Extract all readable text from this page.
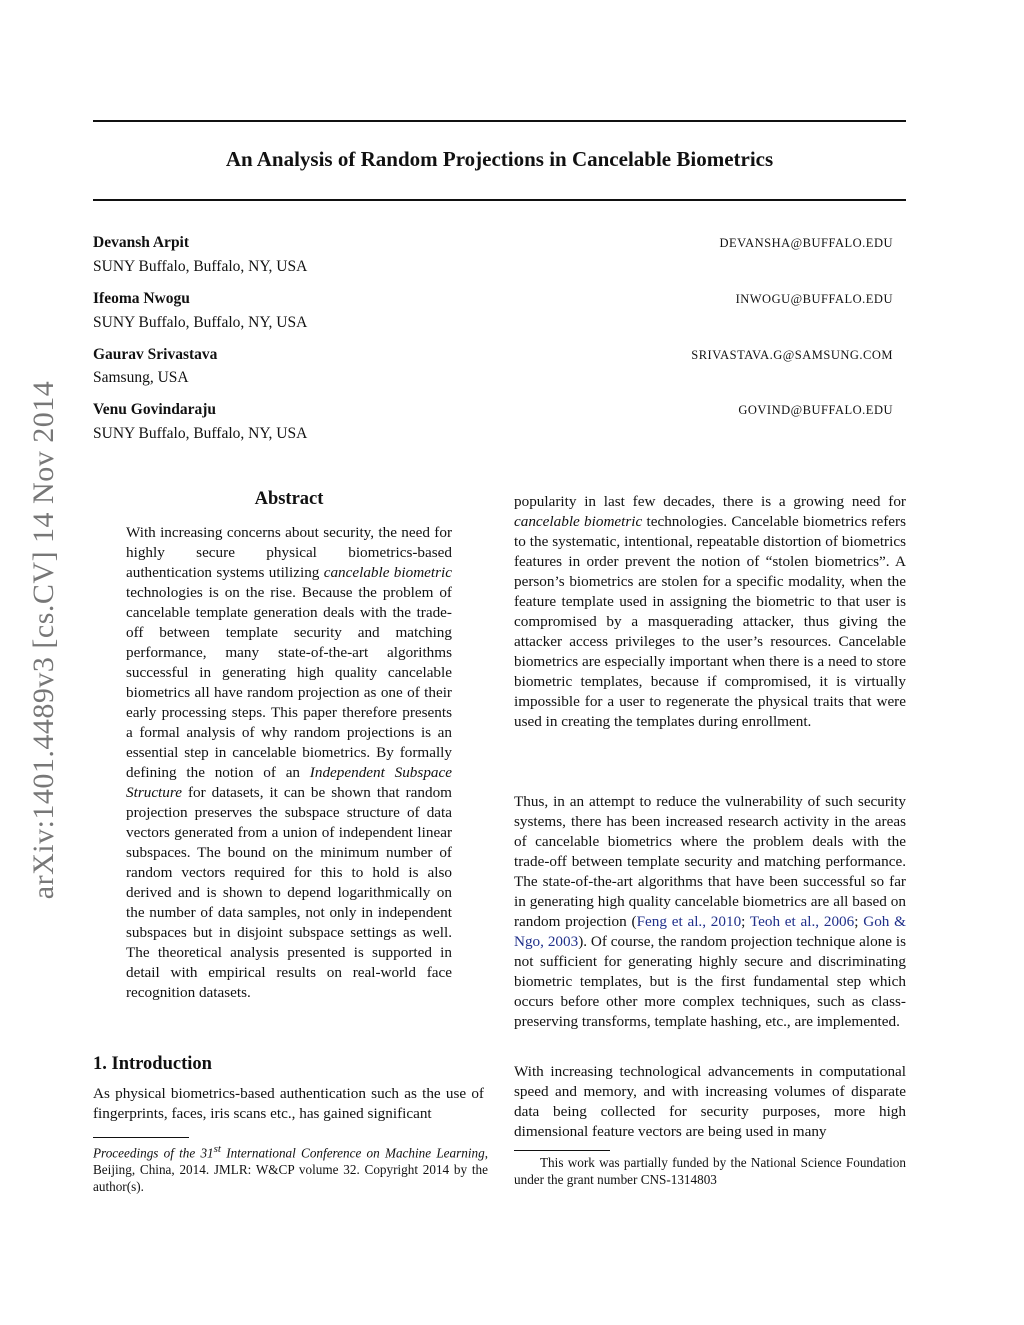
arXiv:1401.4489v3 [cs.CV] 14 Nov 2014
An Analysis of Random Projections in Cancelable Biometrics
Devansh Arpit	DEVANSHA@BUFFALO.EDU
SUNY Buffalo, Buffalo, NY, USA
Ifeoma Nwogu	INWOGU@BUFFALO.EDU
SUNY Buffalo, Buffalo, NY, USA
Gaurav Srivastava	SRIVASTAVA.G@SAMSUNG.COM
Samsung, USA
Venu Govindaraju	GOVIND@BUFFALO.EDU
SUNY Buffalo, Buffalo, NY, USA
Abstract

With increasing concerns about security, the need for highly secure physical biometrics-based authentication systems utilizing cancelable biometric technologies is on the rise. Because the problem of cancelable template generation deals with the trade-off between template security and matching performance, many state-of-the-art algorithms successful in generating high quality cancelable biometrics all have random projection as one of their early processing steps. This paper therefore presents a formal analysis of why random projections is an essential step in cancelable biometrics. By formally defining the notion of an Independent Subspace Structure for datasets, it can be shown that random projection preserves the subspace structure of data vectors generated from a union of independent linear subspaces. The bound on the minimum number of random vectors required for this to hold is also derived and is shown to depend logarithmically on the number of data samples, not only in independent subspaces but in disjoint subspace settings as well. The theoretical analysis presented is supported in detail with empirical results on real-world face recognition datasets.

1. Introduction

As physical biometrics-based authentication such as the use of fingerprints, faces, iris scans etc., has gained significant

Proceedings of the 31st International Conference on Machine Learning, Beijing, China, 2014. JMLR: W&CP volume 32. Copyright 2014 by the author(s).

popularity in last few decades, there is a growing need for cancelable biometric technologies. Cancelable biometrics refers to the systematic, intentional, repeatable distortion of biometrics features in order prevent the notion of “stolen biometrics”. A person’s biometrics are stolen for a specific modality, when the feature template used in assigning the biometric to that user is compromised by a masquerading attacker, thus giving the attacker access privileges to the user’s resources. Cancelable biometrics are especially important when there is a need to store biometric templates, because if compromised, it is virtually impossible for a user to regenerate the physical traits that were used in creating the templates during enrollment.

Thus, in an attempt to reduce the vulnerability of such security systems, there has been increased research activity in the areas of cancelable biometrics where the problem deals with the trade-off between template security and matching performance. The state-of-the-art algorithms that have been successful so far in generating high quality cancelable biometrics are all based on random projection (Feng et al., 2010; Teoh et al., 2006; Goh & Ngo, 2003). Of course, the random projection technique alone is not sufficient for generating highly secure and discriminating biometric templates, but is the first fundamental step which occurs before other more complex techniques, such as class-preserving transforms, template hashing, etc., are implemented.

With increasing technological advancements in computational speed and memory, and with increasing volumes of disparate data being collected for security purposes, more high dimensional feature vectors are being used in many

This work was partially funded by the National Science Foundation under the grant number CNS-1314803
